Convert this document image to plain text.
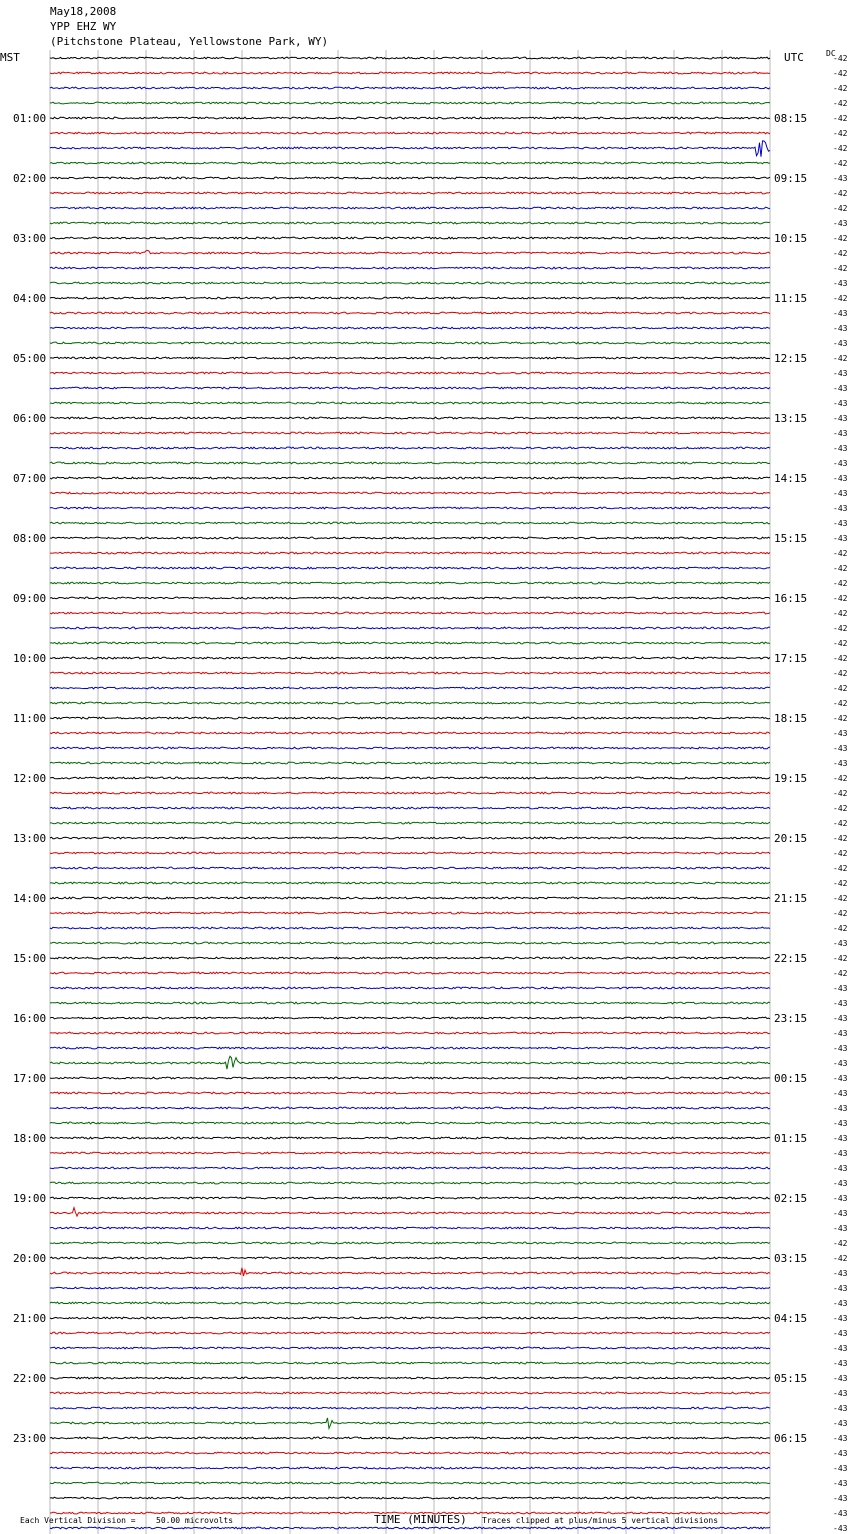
May18,2008
YPP EHZ WY
(Pitchstone Plateau, Yellowstone Park, WY)
MST	UTC	DC
01:00
02:00
03:00
04:00
05:00
06:00
07:00
08:00
09:00
10:00
11:00
12:00
13:00
14:00
15:00
16:00
17:00
18:00
19:00
20:00
21:00
22:00
23:00
08:15
09:15
10:15
11:15
12:15
13:15
14:15
15:15
16:15
17:15
18:15
19:15
20:15
21:15
22:15
23:15
00:15
01:15
02:15
03:15
04:15
05:15
06:15
-42
-42
-42
-42
-42
-42
-42
-42
-43
-42
-42
-43
-42
-42
-42
-43
-42
-43
-43
-43
-42
-43
-43
-43
-43
-43
-43
-43
-43
-43
-43
-43
-43
-42
-42
-42
-42
-42
-42
-42
-42
-42
-42
-42
-42
-43
-43
-43
-42
-42
-42
-42
-42
-42
-42
-42
-42
-42
-42
-43
-42
-42
-43
-43
-43
-43
-43
-43
-43
-43
-43
-43
-43
-43
-43
-43
-43
-43
-43
-42
-42
-43
-43
-43
-43
-43
-43
-43
-43
-43
-43
-43
-43
-43
-43
-43
-43
-43
-43
TIME (MINUTES)
Each Vertical Division =	50.00 microvolts	Traces clipped at plus/minus 5 vertical divisions
